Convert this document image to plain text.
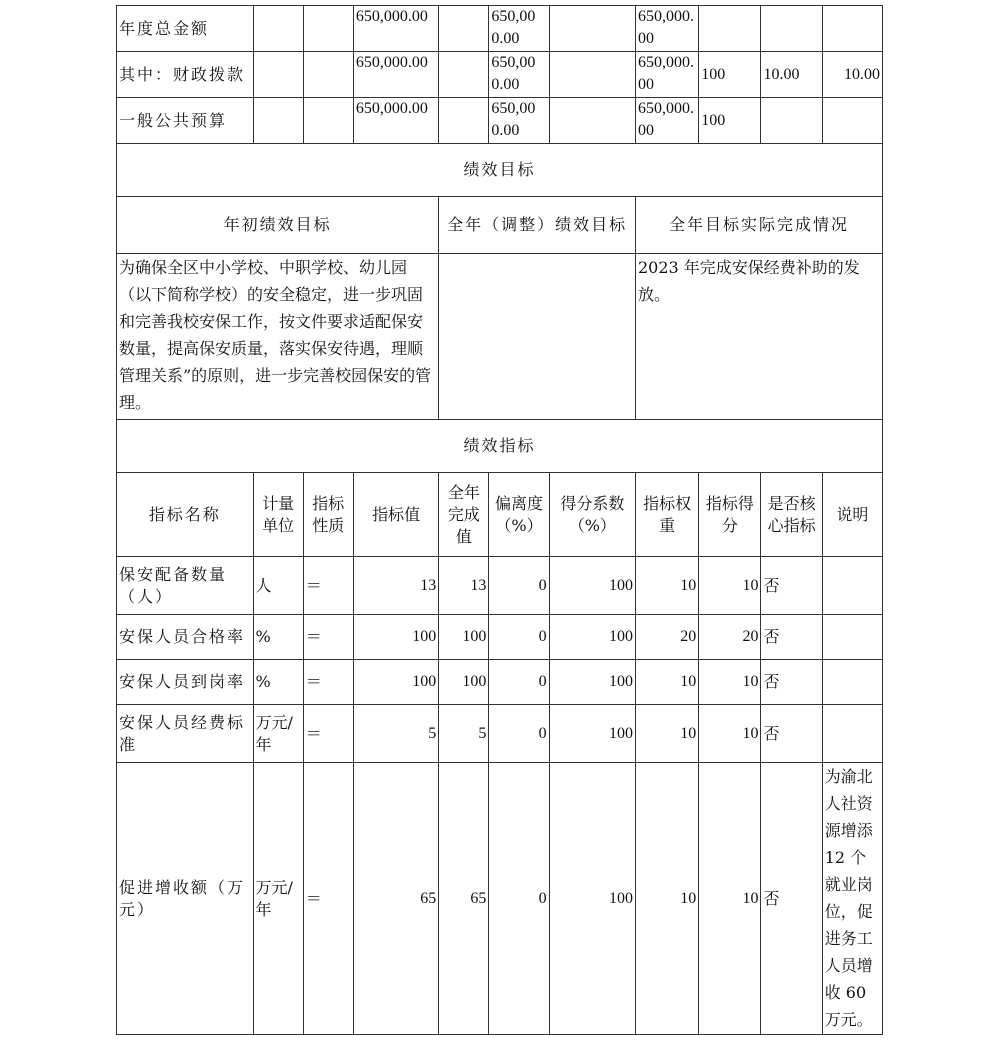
年度总金额			650,000.00		650,000.00		650,000.00			
其中：财政拨款			650,000.00		650,000.00		650,000.00	100	10.00	10.00
一般公共预算			650,000.00		650,000.00		650,000.00	100		
绩效目标										
年初绩效目标				全年（调整）绩效目标			全年目标实际完成情况			
为确保全区中小学校、中职学校、幼儿园（以下简称学校）的安全稳定，进一步巩固和完善我校安保工作，按文件要求适配保安数量，提高保安质量，落实保安待遇，理顺管理关系”的原则，进一步完善校园保安的管理。							2023 年完成安保经费补助的发放。			
绩效指标										
指标名称	计量单位	指标性质	指标值	全年完成值	偏离度（%）	得分系数（%）	指标权重	指标得分	是否核心指标	说明
保安配备数量（人）	人	＝	13	13	0	100	10	10	否	
安保人员合格率	%	＝	100	100	0	100	20	20	否	
安保人员到岗率	%	＝	100	100	0	100	10	10	否	
安保人员经费标准	万元/年	＝	5	5	0	100	10	10	否	
促进增收额（万元）	万元/年	＝	65	65	0	100	10	10	否	为渝北人社资源增添 12 个就业岗位，促进务工人员增收 60 万元。
